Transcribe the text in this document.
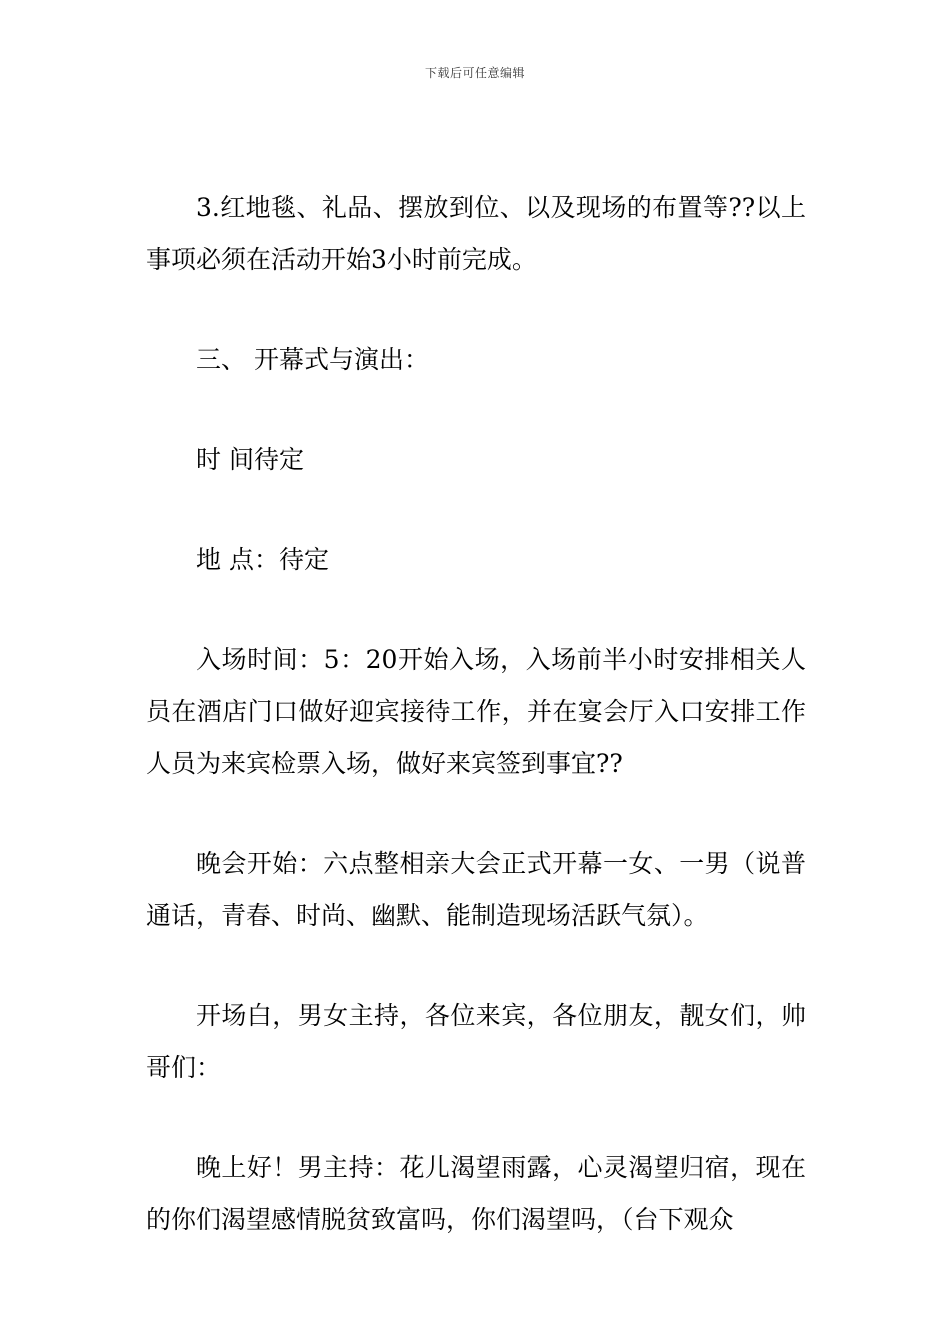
下载后可任意编辑

3.红地毯、礼品、摆放到位、以及现场的布置等??以上事项必须在活动开始3小时前完成。

三、 开幕式与演出：

时 间待定

地 点：待定

入场时间：5：20开始入场，入场前半小时安排相关人员在酒店门口做好迎宾接待工作，并在宴会厅入口安排工作人员为来宾检票入场，做好来宾签到事宜??

晚会开始：六点整相亲大会正式开幕一女、一男（说普通话，青春、时尚、幽默、能制造现场活跃气氛）。

开场白，男女主持，各位来宾，各位朋友，靓女们，帅哥们：

晚上好！男主持：花儿渴望雨露，心灵渴望归宿，现在的你们渴望感情脱贫致富吗，你们渴望吗，（台下观众
